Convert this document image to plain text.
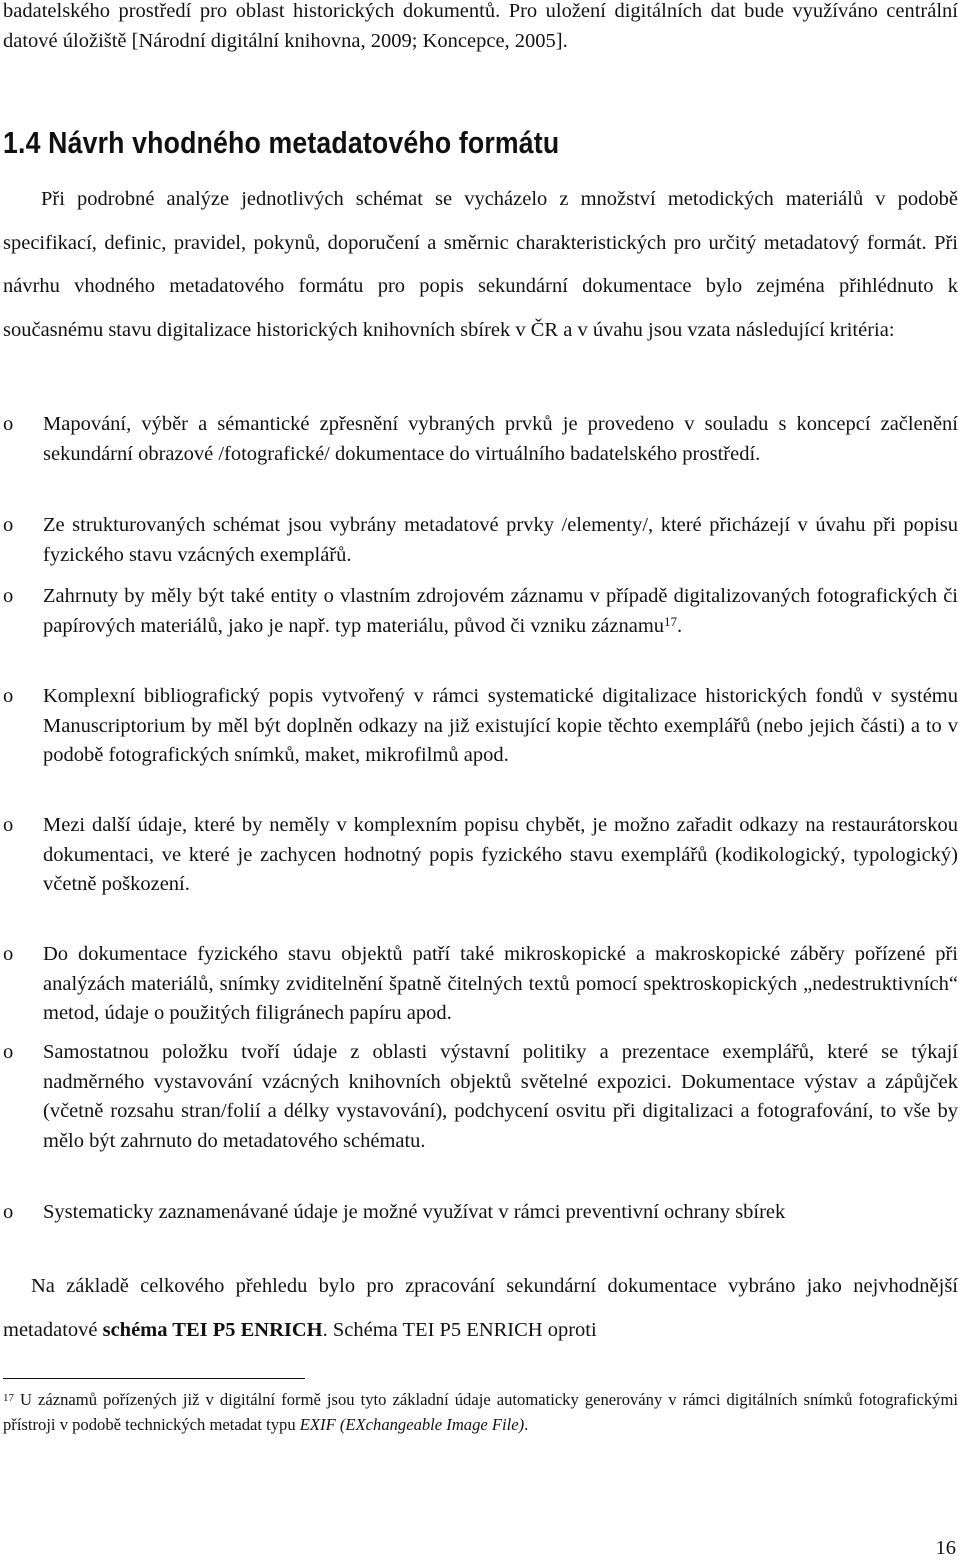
badatelského prostředí pro oblast historických dokumentů. Pro uložení digitálních dat bude využíváno centrální datové úložiště [Národní digitální knihovna, 2009; Koncepce, 2005].
1.4 Návrh vhodného metadatového formátu
Při podrobné analýze jednotlivých schémat se vycházelo z množství metodických materiálů v podobě specifikací, definic, pravidel, pokynů, doporučení a směrnic charakteristických pro určitý metadatový formát. Při návrhu vhodného metadatového formátu pro popis sekundární dokumentace bylo zejména přihlédnuto k současnému stavu digitalizace historických knihovních sbírek v ČR a v úvahu jsou vzata následující kritéria:
o Mapování, výběr a sémantické zpřesnění vybraných prvků je provedeno v souladu s koncepcí začlenění sekundární obrazové /fotografické/ dokumentace do virtuálního badatelského prostředí.
o Ze strukturovaných schémat jsou vybrány metadatové prvky /elementy/, které přicházejí v úvahu při popisu fyzického stavu vzácných exemplářů.
o Zahrnuty by měly být také entity o vlastním zdrojovém záznamu v případě digitalizovaných fotografických či papírových materiálů, jako je např. typ materiálu, původ či vzniku záznamu$^{17}$.
o Komplexní bibliografický popis vytvořený v rámci systematické digitalizace historických fondů v systému Manuscriptorium by měl být doplněn odkazy na již existující kopie těchto exemplářů (nebo jejich části) a to v podobě fotografických snímků, maket, mikrofilmů apod.
o Mezi další údaje, které by neměly v komplexním popisu chybět, je možno zařadit odkazy na restaurátorskou dokumentaci, ve které je zachycen hodnotný popis fyzického stavu exemplářů (kodikologický, typologický) včetně poškození.
o Do dokumentace fyzického stavu objektů patří také mikroskopické a makroskopické záběry pořízené při analýzách materiálů, snímky zviditelnění špatně čitelných textů pomocí spektroskopických „nedestruktivních“ metod, údaje o použitých filigránech papíru apod.
o Samostatnou položku tvoří údaje z oblasti výstavní politiky a prezentace exemplářů, které se týkají nadměrného vystavování vzácných knihovních objektů světelné expozici. Dokumentace výstav a zápůjček (včetně rozsahu stran/folií a délky vystavování), podchycení osvitu při digitalizaci a fotografování, to vše by mělo být zahrnuto do metadatového schématu.
o Systematicky zaznamenávané údaje je možné využívat v rámci preventivní ochrany sbírek
Na základě celkového přehledu bylo pro zpracování sekundární dokumentace vybráno jako nejvhodnější metadatové schéma TEI P5 ENRICH. Schéma TEI P5 ENRICH oproti
$^{17}$ U záznamů pořízených již v digitální formě jsou tyto základní údaje automaticky generovány v rámci digitálních snímků fotografickými přístroji v podobě technických metadat typu EXIF (EXchangeable Image File).
16
